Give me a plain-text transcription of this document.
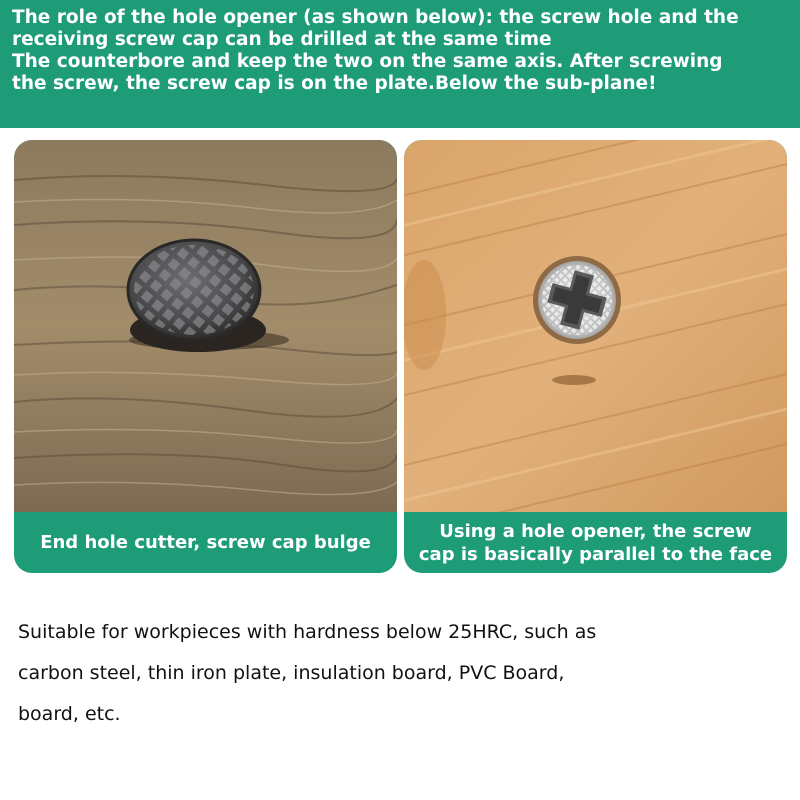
The role of the hole opener (as shown below): the screw hole and the

receiving screw cap can be drilled at the same time

The counterbore and keep the two on the same axis. After screwing

the screw, the screw cap is on the plate.Below the sub-plane!

End hole cutter, screw cap bulge
Using a hole opener, the screw
cap is basically parallel to the face

Suitable for workpieces with hardness below 25HRC, such as

carbon steel, thin iron plate, insulation board, PVC Board,

board, etc.
